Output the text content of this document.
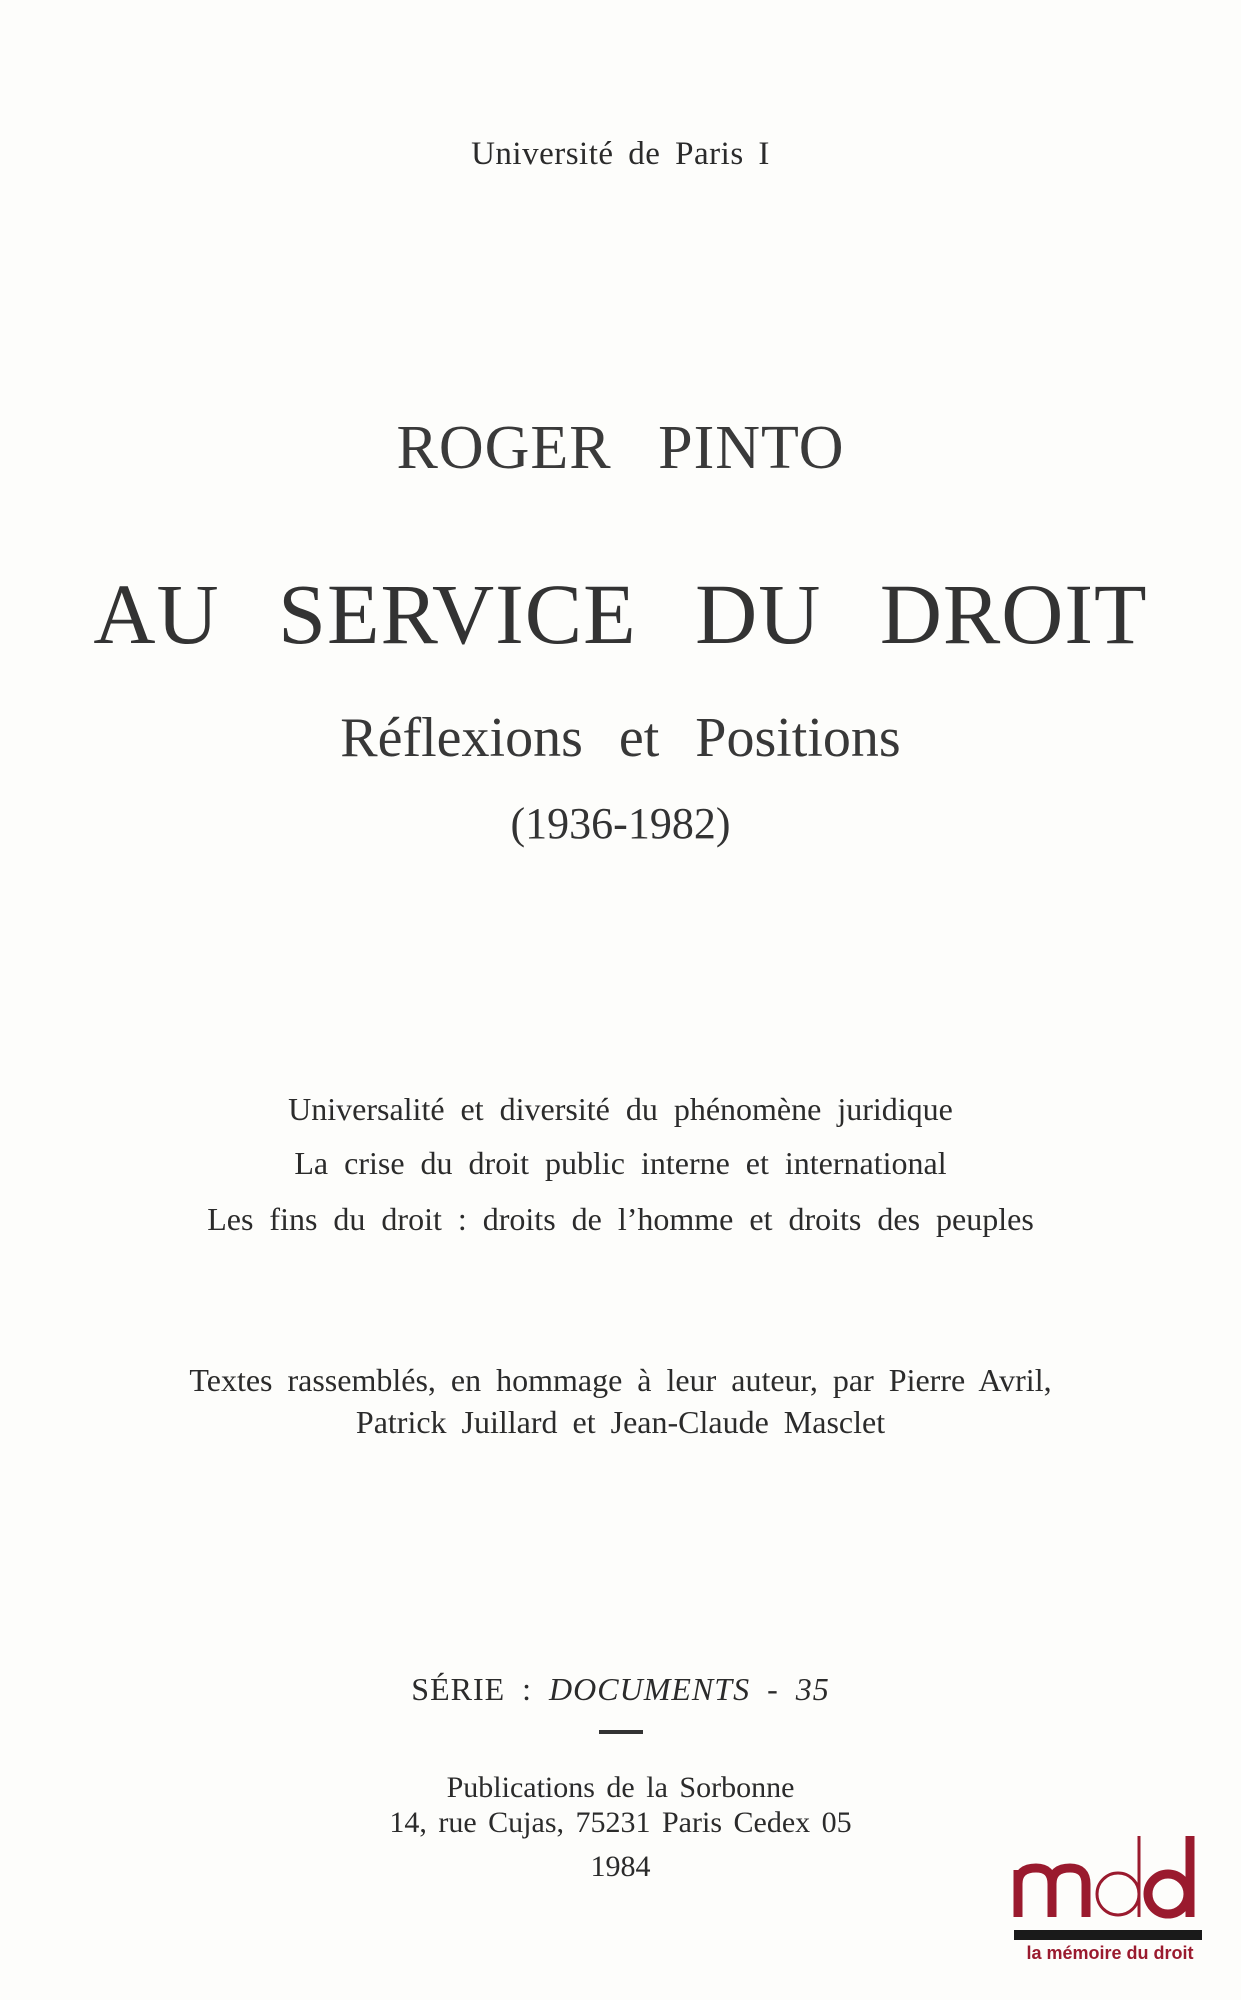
Université de Paris I
ROGER PINTO
AU SERVICE DU DROIT
Réflexions et Positions
(1936-1982)
Universalité et diversité du phénomène juridique
La crise du droit public interne et international
Les fins du droit : droits de l’homme et droits des peuples
Textes rassemblés, en hommage à leur auteur, par Pierre Avril,
Patrick Juillard et Jean-Claude Masclet
SÉRIE : DOCUMENTS - 35
Publications de la Sorbonne
14, rue Cujas, 75231 Paris Cedex 05
1984
la mémoire du droit
